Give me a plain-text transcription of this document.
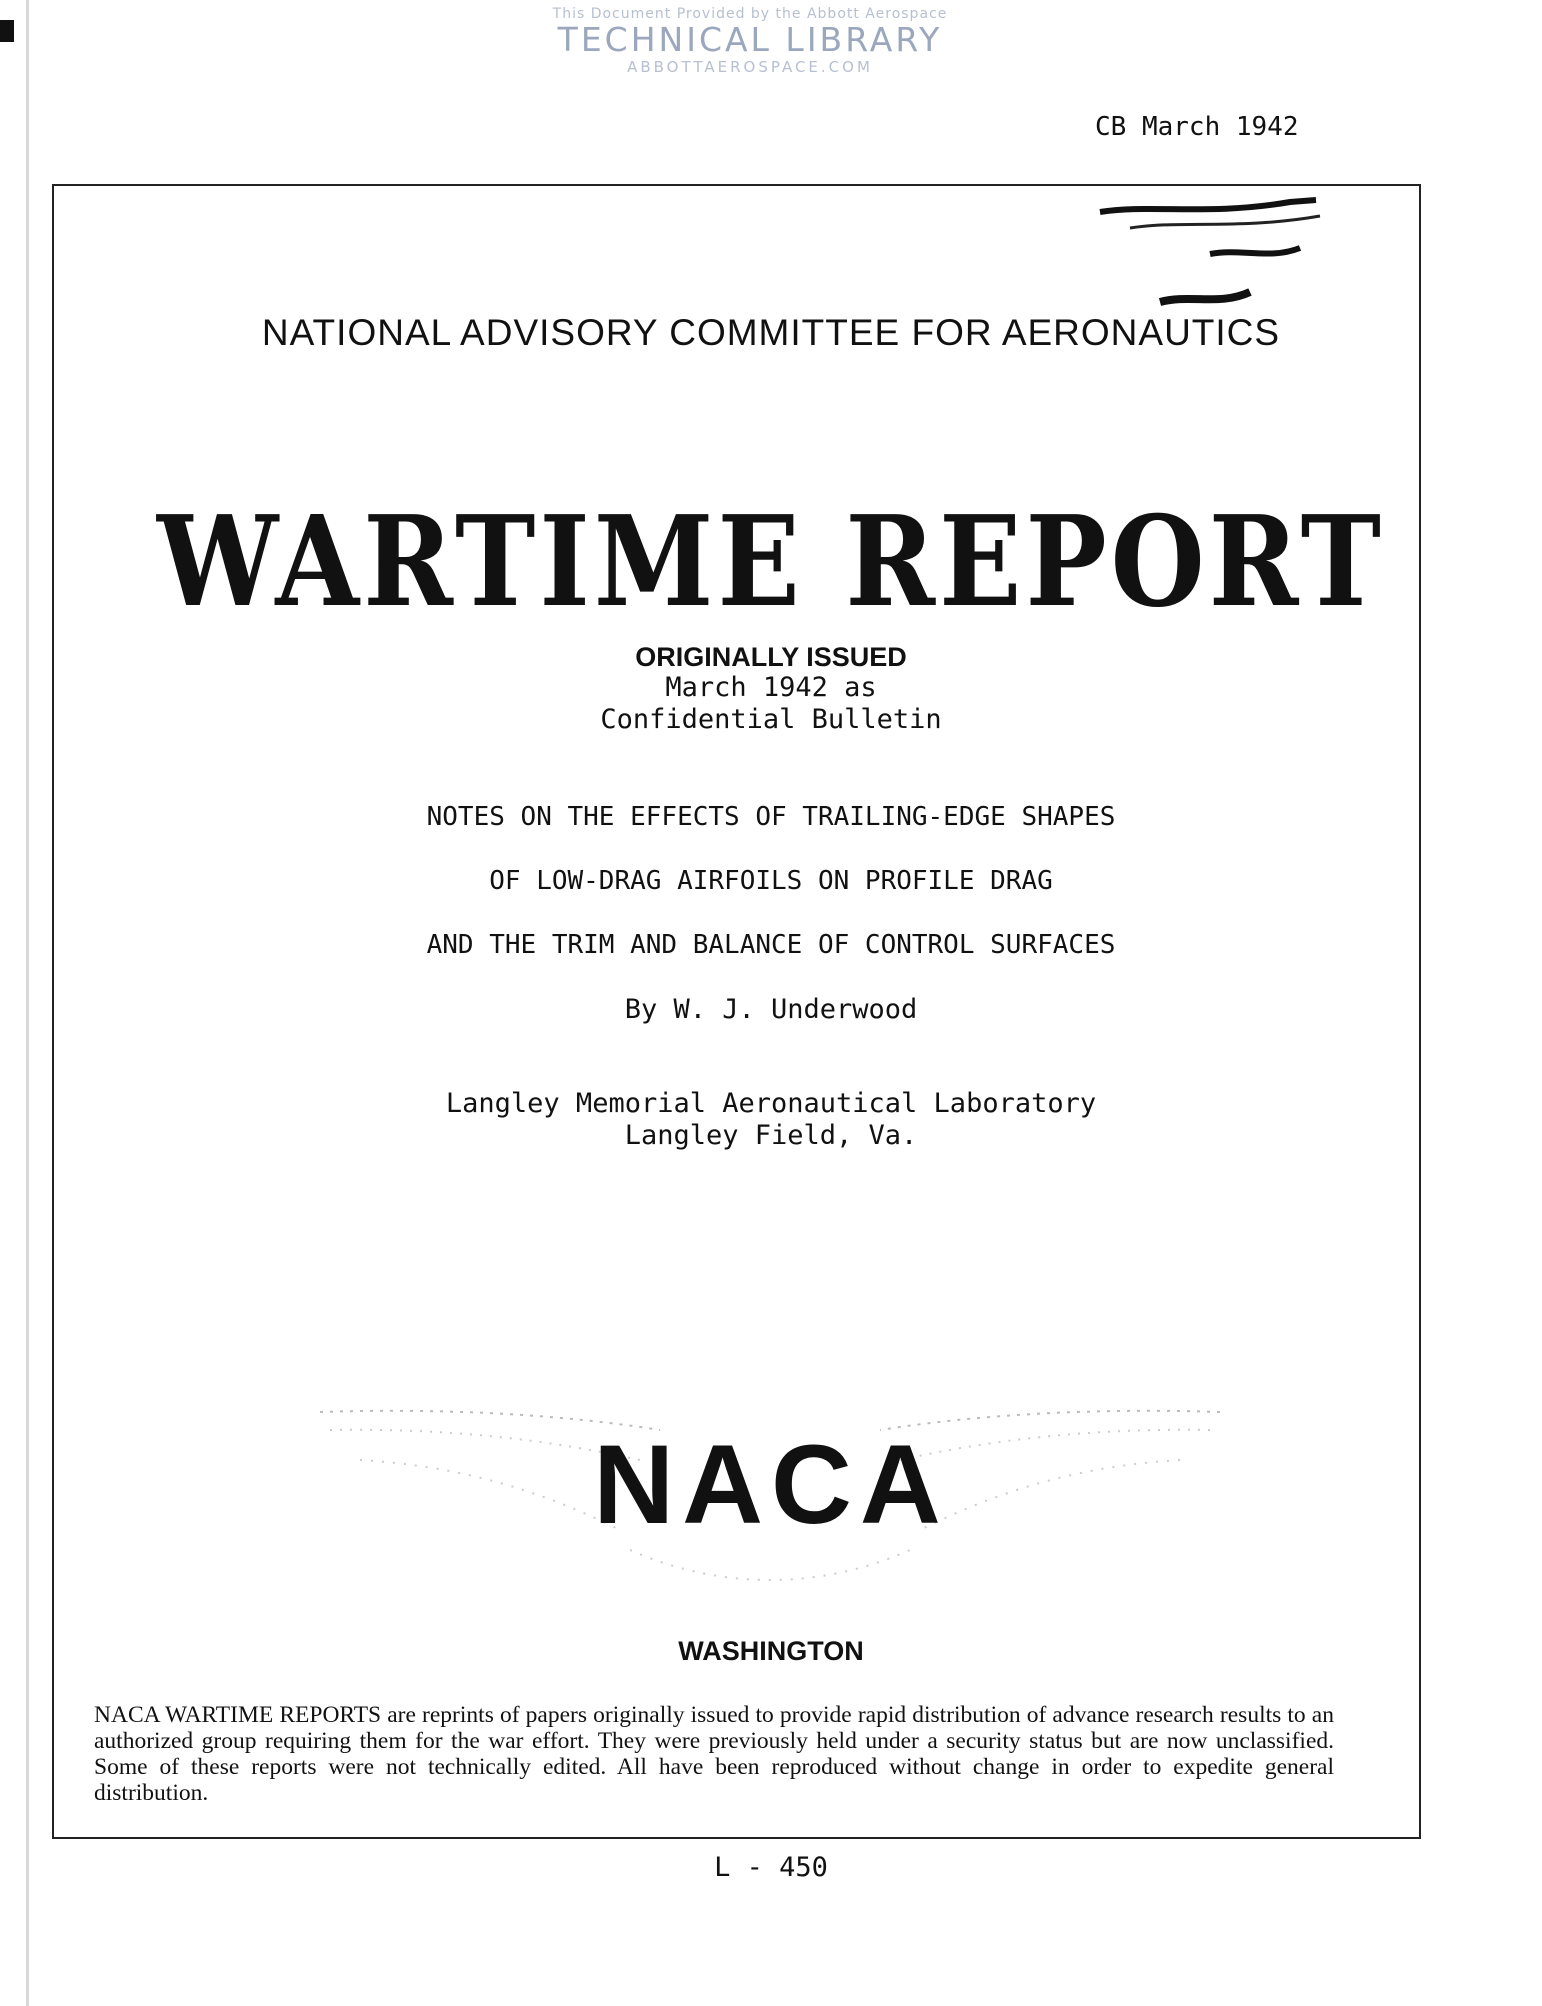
This Document Provided by the Abbott Aerospace
TECHNICAL LIBRARY
ABBOTTAEROSPACE.COM
CB March 1942
NATIONAL ADVISORY COMMITTEE FOR AERONAUTICS
WARTIME REPORT
ORIGINALLY ISSUED
March 1942 as
Confidential Bulletin
NOTES ON THE EFFECTS OF TRAILING-EDGE SHAPES
OF LOW-DRAG AIRFOILS ON PROFILE DRAG
AND THE TRIM AND BALANCE OF CONTROL SURFACES
By W. J. Underwood
Langley Memorial Aeronautical Laboratory
Langley Field, Va.
NACA
WASHINGTON
NACA WARTIME REPORTS are reprints of papers originally issued to provide rapid distribution of advance research results to an authorized group requiring them for the war effort. They were previously held under a security status but are now unclassified. Some of these reports were not technically edited. All have been reproduced without change in order to expedite general distribution.
L - 450
